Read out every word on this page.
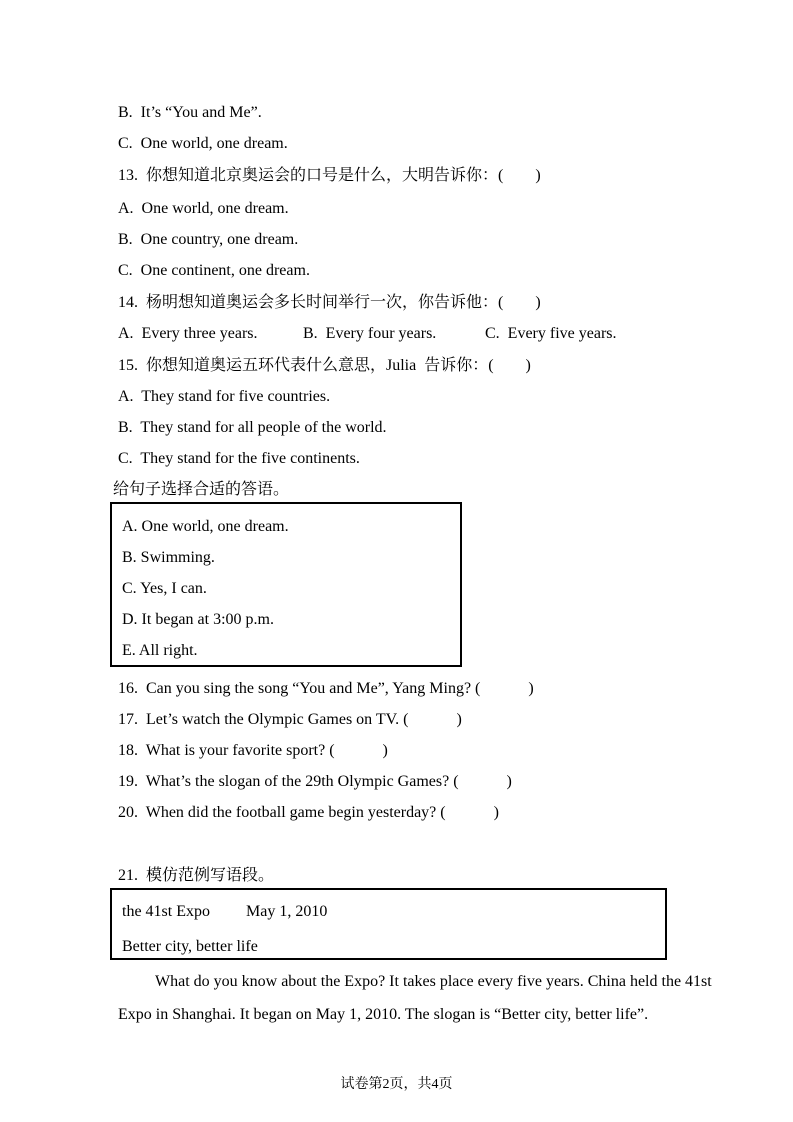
B.  It’s “You and Me”.
C.  One world, one dream.
13.  你想知道北京奥运会的口号是什么，大明告诉你：(        )
A.  One world, one dream.
B.  One country, one dream.
C.  One continent, one dream.
14.  杨明想知道奥运会多长时间举行一次，你告诉他：(        )
A.  Every three years.	B.  Every four years.	C.  Every five years.
15.  你想知道奥运五环代表什么意思，Julia  告诉你：(        )
A.  They stand for five countries.
B.  They stand for all people of the world.
C.  They stand for the five continents.
给句子选择合适的答语。
A. One world, one dream.
B. Swimming.
C. Yes, I can.
D. It began at 3:00 p.m.
E. All right.
16.  Can you sing the song “You and Me”, Yang Ming? (            )
17.  Let’s watch the Olympic Games on TV. (            )
18.  What is your favorite sport? (            )
19.  What’s the slogan of the 29th Olympic Games? (            )
20.  When did the football game begin yesterday? (            )
21.  模仿范例写语段。
the 41st Expo         May 1, 2010
Better city, better life
What do you know about the Expo? It takes place every five years. China held the 41st
Expo in Shanghai. It began on May 1, 2010. The slogan is “Better city, better life”.
试卷第2页，共4页
